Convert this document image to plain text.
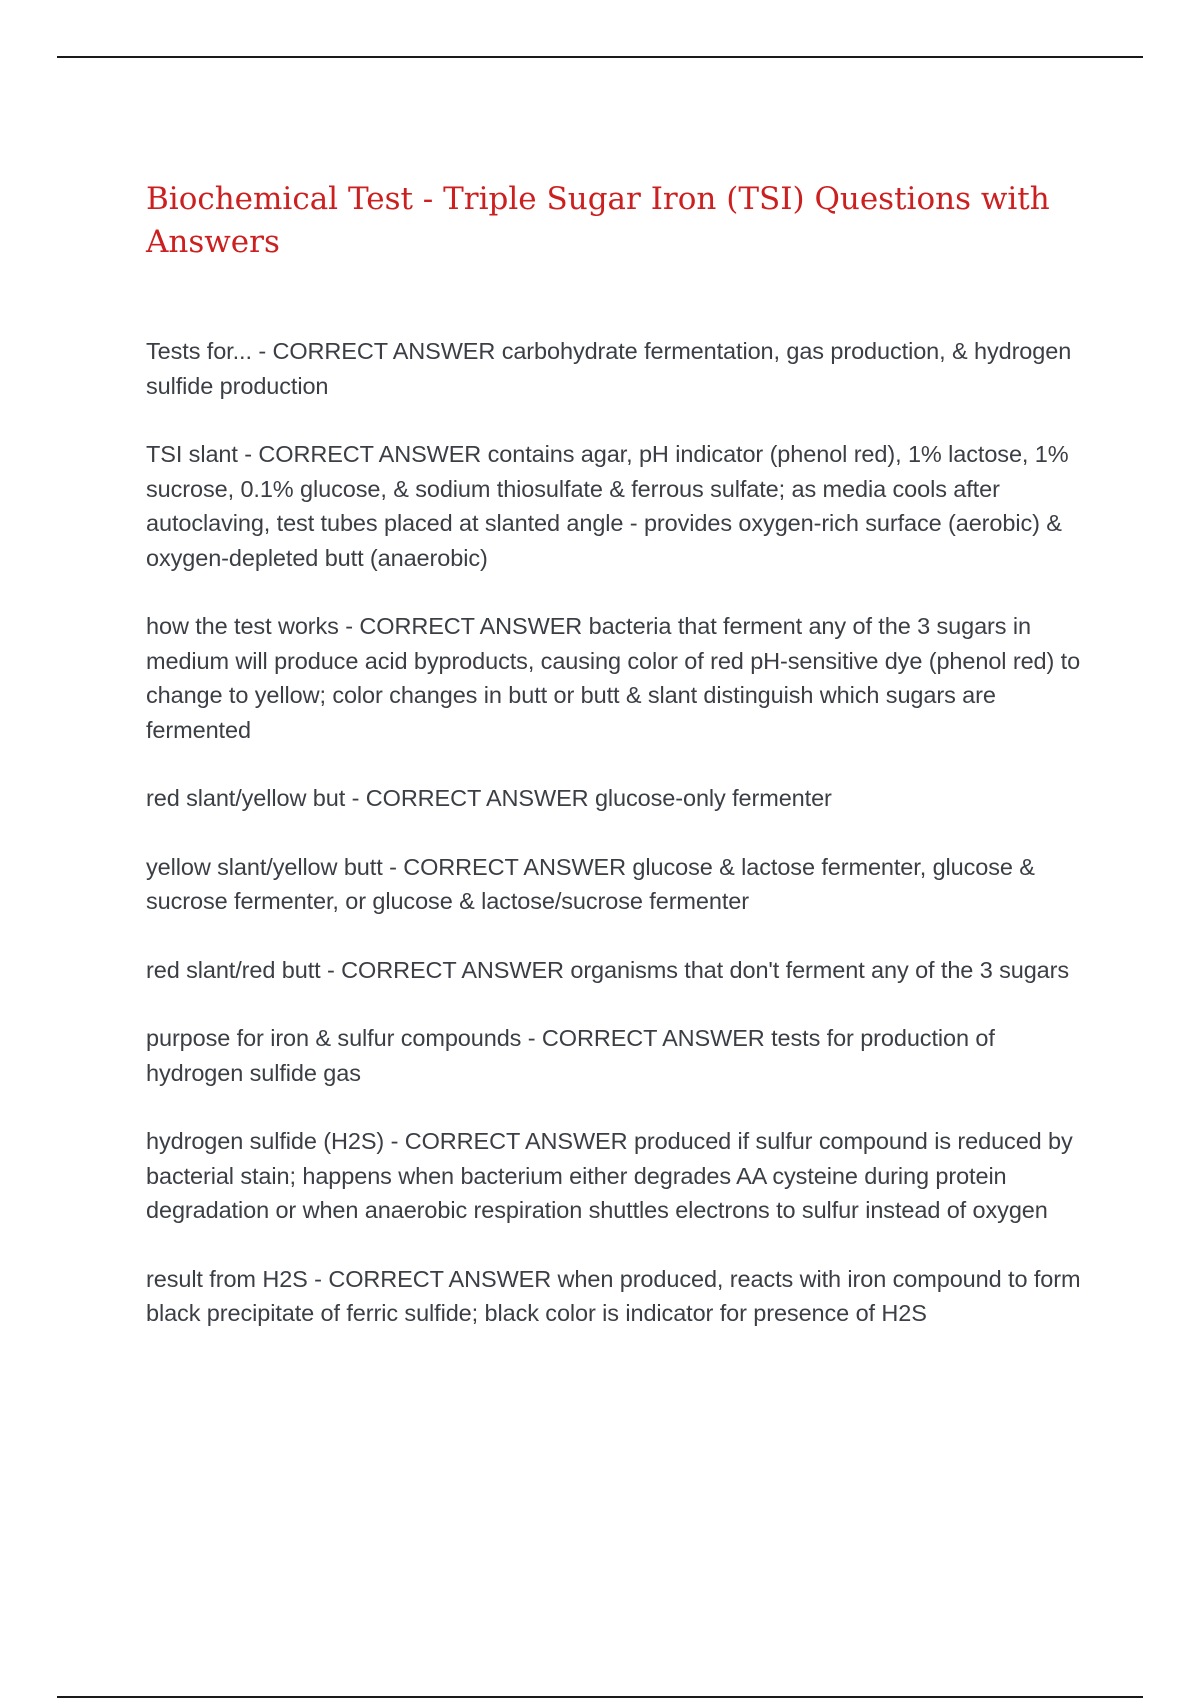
Biochemical Test - Triple Sugar Iron (TSI) Questions with Answers
Tests for... - CORRECT ANSWER carbohydrate fermentation, gas production, & hydrogen sulfide production
TSI slant - CORRECT ANSWER contains agar, pH indicator (phenol red), 1% lactose, 1% sucrose, 0.1% glucose, & sodium thiosulfate & ferrous sulfate; as media cools after autoclaving, test tubes placed at slanted angle - provides oxygen-rich surface (aerobic) & oxygen-depleted butt (anaerobic)
how the test works - CORRECT ANSWER bacteria that ferment any of the 3 sugars in medium will produce acid byproducts, causing color of red pH-sensitive dye (phenol red) to change to yellow; color changes in butt or butt & slant distinguish which sugars are fermented
red slant/yellow but - CORRECT ANSWER glucose-only fermenter
yellow slant/yellow butt - CORRECT ANSWER glucose & lactose fermenter, glucose & sucrose fermenter, or glucose & lactose/sucrose fermenter
red slant/red butt - CORRECT ANSWER organisms that don't ferment any of the 3 sugars
purpose for iron & sulfur compounds - CORRECT ANSWER tests for production of hydrogen sulfide gas
hydrogen sulfide (H2S) - CORRECT ANSWER produced if sulfur compound is reduced by bacterial stain; happens when bacterium either degrades AA cysteine during protein degradation or when anaerobic respiration shuttles electrons to sulfur instead of oxygen
result from H2S - CORRECT ANSWER when produced, reacts with iron compound to form black precipitate of ferric sulfide; black color is indicator for presence of H2S
